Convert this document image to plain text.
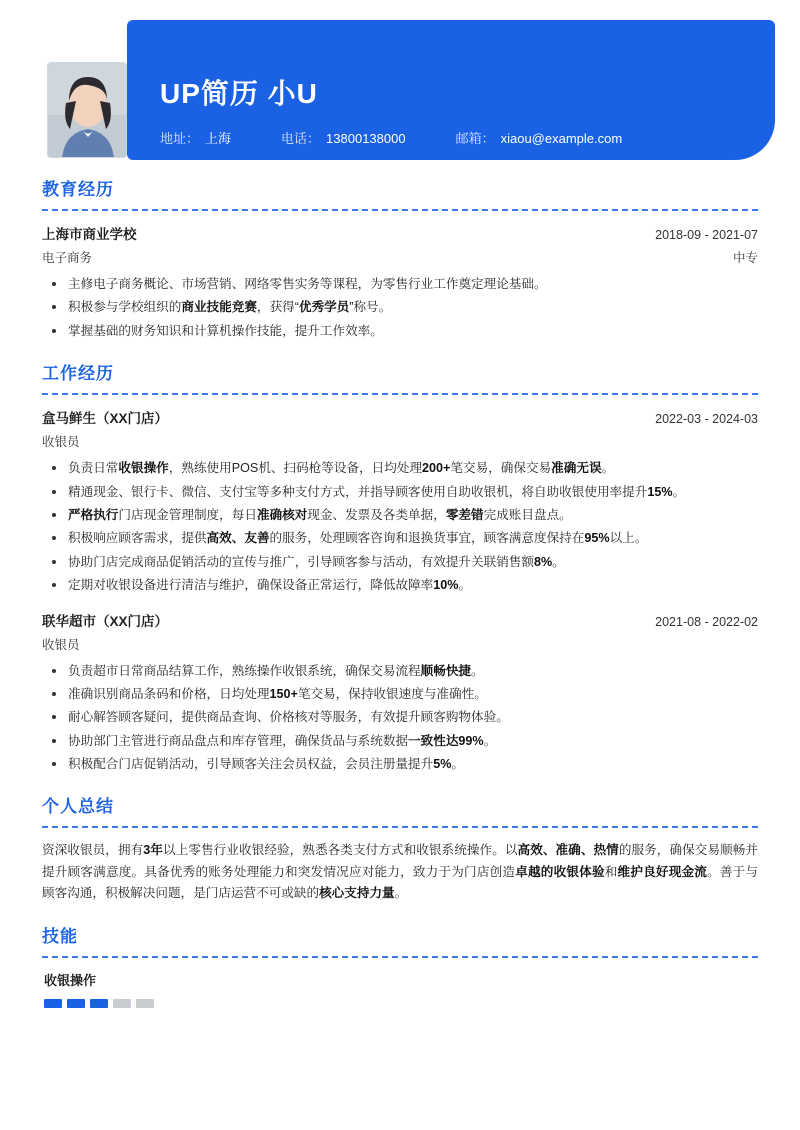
UP简历 小U
地址： 上海	电话： 13800138000	邮箱： xiaou@example.com
教育经历
上海市商业学校	2018-09 - 2021-07
电子商务	中专
主修电子商务概论、市场营销、网络零售实务等课程，为零售行业工作奠定理论基础。
积极参与学校组织的商业技能竞赛，获得“优秀学员”称号。
掌握基础的财务知识和计算机操作技能，提升工作效率。
工作经历
盒马鲜生（XX门店）	2022-03 - 2024-03
收银员
负责日常收银操作，熟练使用POS机、扫码枪等设备，日均处理200+笔交易，确保交易准确无误。
精通现金、银行卡、微信、支付宝等多种支付方式，并指导顾客使用自助收银机，将自助收银使用率提升15%。
严格执行门店现金管理制度，每日准确核对现金、发票及各类单据，零差错完成账目盘点。
积极响应顾客需求，提供高效、友善的服务，处理顾客咨询和退换货事宜，顾客满意度保持在95%以上。
协助门店完成商品促销活动的宣传与推广，引导顾客参与活动，有效提升关联销售额8%。
定期对收银设备进行清洁与维护，确保设备正常运行，降低故障率10%。
联华超市（XX门店）	2021-08 - 2022-02
收银员
负责超市日常商品结算工作，熟练操作收银系统，确保交易流程顺畅快捷。
准确识别商品条码和价格，日均处理150+笔交易，保持收银速度与准确性。
耐心解答顾客疑问，提供商品查询、价格核对等服务，有效提升顾客购物体验。
协助部门主管进行商品盘点和库存管理，确保货品与系统数据一致性达99%。
积极配合门店促销活动，引导顾客关注会员权益，会员注册量提升5%。
个人总结
资深收银员，拥有3年以上零售行业收银经验，熟悉各类支付方式和收银系统操作。以高效、准确、热情的服务，确保交易顺畅并提升顾客满意度。具备优秀的账务处理能力和突发情况应对能力，致力于为门店创造卓越的收银体验和维护良好现金流。善于与顾客沟通，积极解决问题，是门店运营不可或缺的核心支持力量。
技能
收银操作
